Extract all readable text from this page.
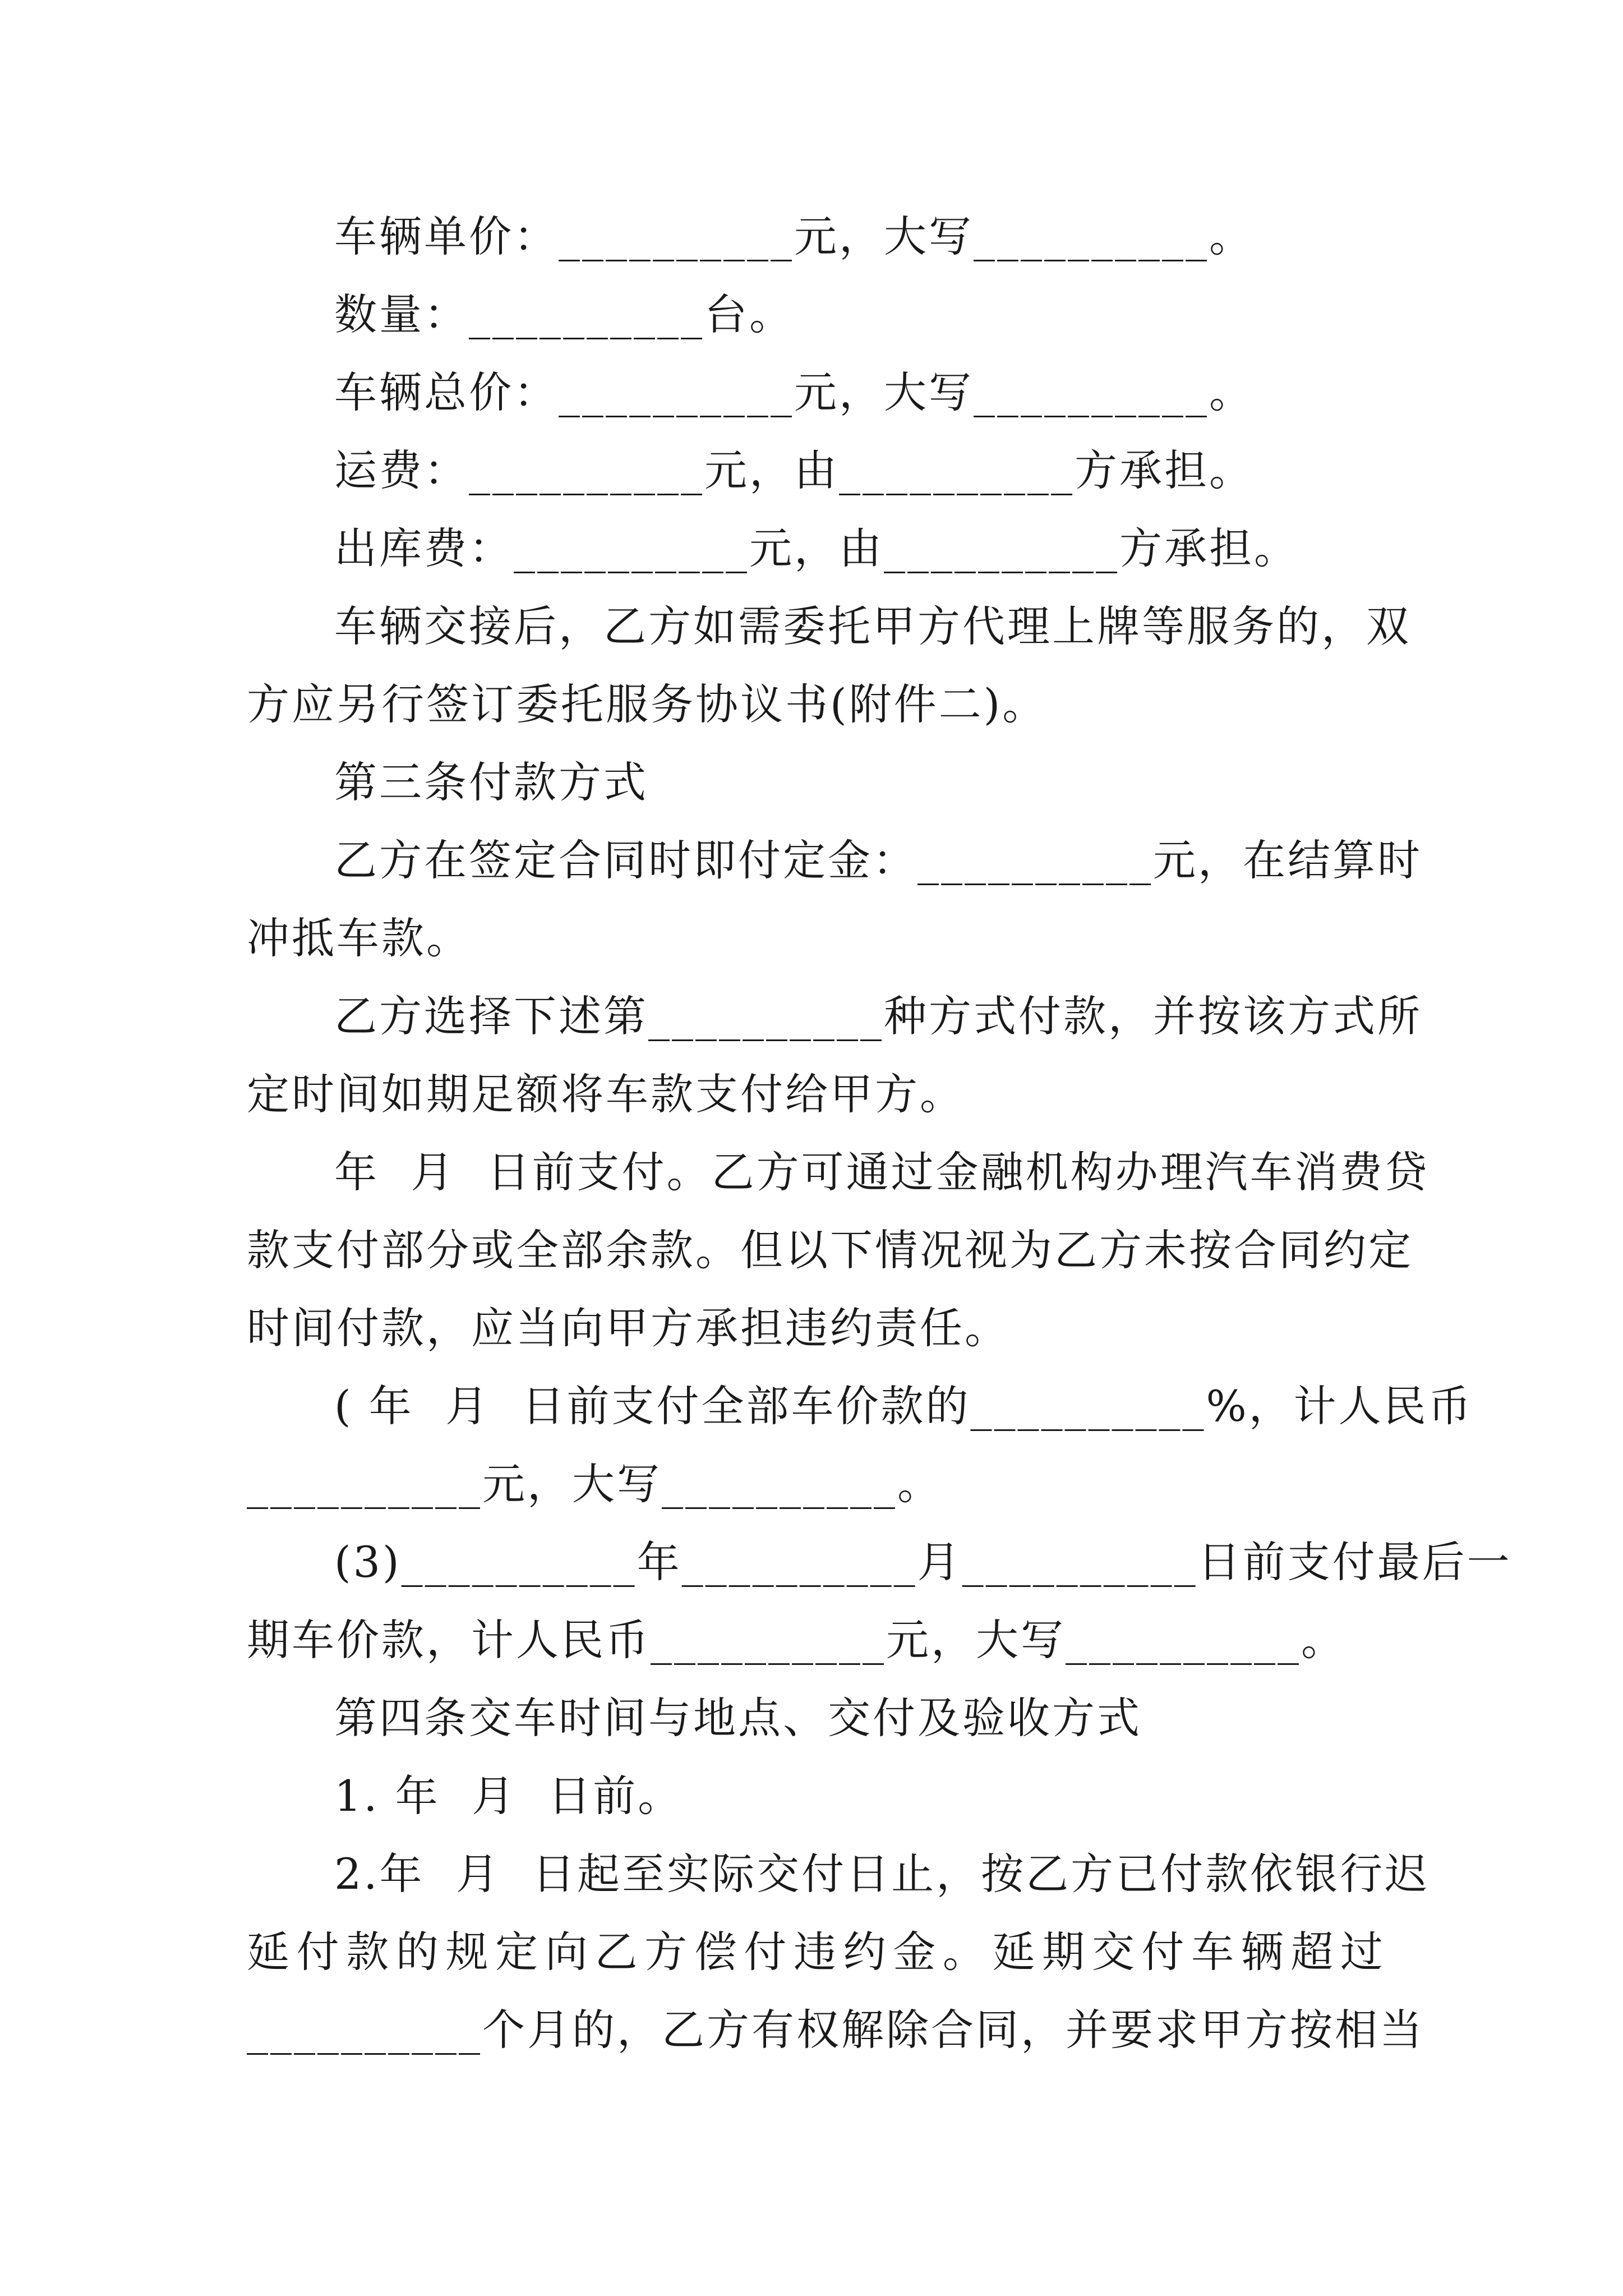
车辆单价：__________元，大写__________。
数量：__________台。
车辆总价：__________元，大写__________。
运费：__________元，由__________方承担。
出库费：__________元，由__________方承担。
车辆交接后，乙方如需委托甲方代理上牌等服务的，双
方应另行签订委托服务协议书(附件二)。
第三条付款方式
乙方在签定合同时即付定金：__________元，在结算时
冲抵车款。
乙方选择下述第__________种方式付款，并按该方式所
定时间如期足额将车款支付给甲方。
年  月  日前支付。乙方可通过金融机构办理汽车消费贷
款支付部分或全部余款。但以下情况视为乙方未按合同约定
时间付款，应当向甲方承担违约责任。
( 年  月  日前支付全部车价款的__________%，计人民币
__________元，大写__________。
(3)__________年__________月__________日前支付最后一
期车价款，计人民币__________元，大写__________。
第四条交车时间与地点、交付及验收方式
1. 年  月  日前。
2.年  月  日起至实际交付日止，按乙方已付款依银行迟
延付款的规定向乙方偿付违约金。延期交付车辆超过
__________个月的，乙方有权解除合同，并要求甲方按相当
